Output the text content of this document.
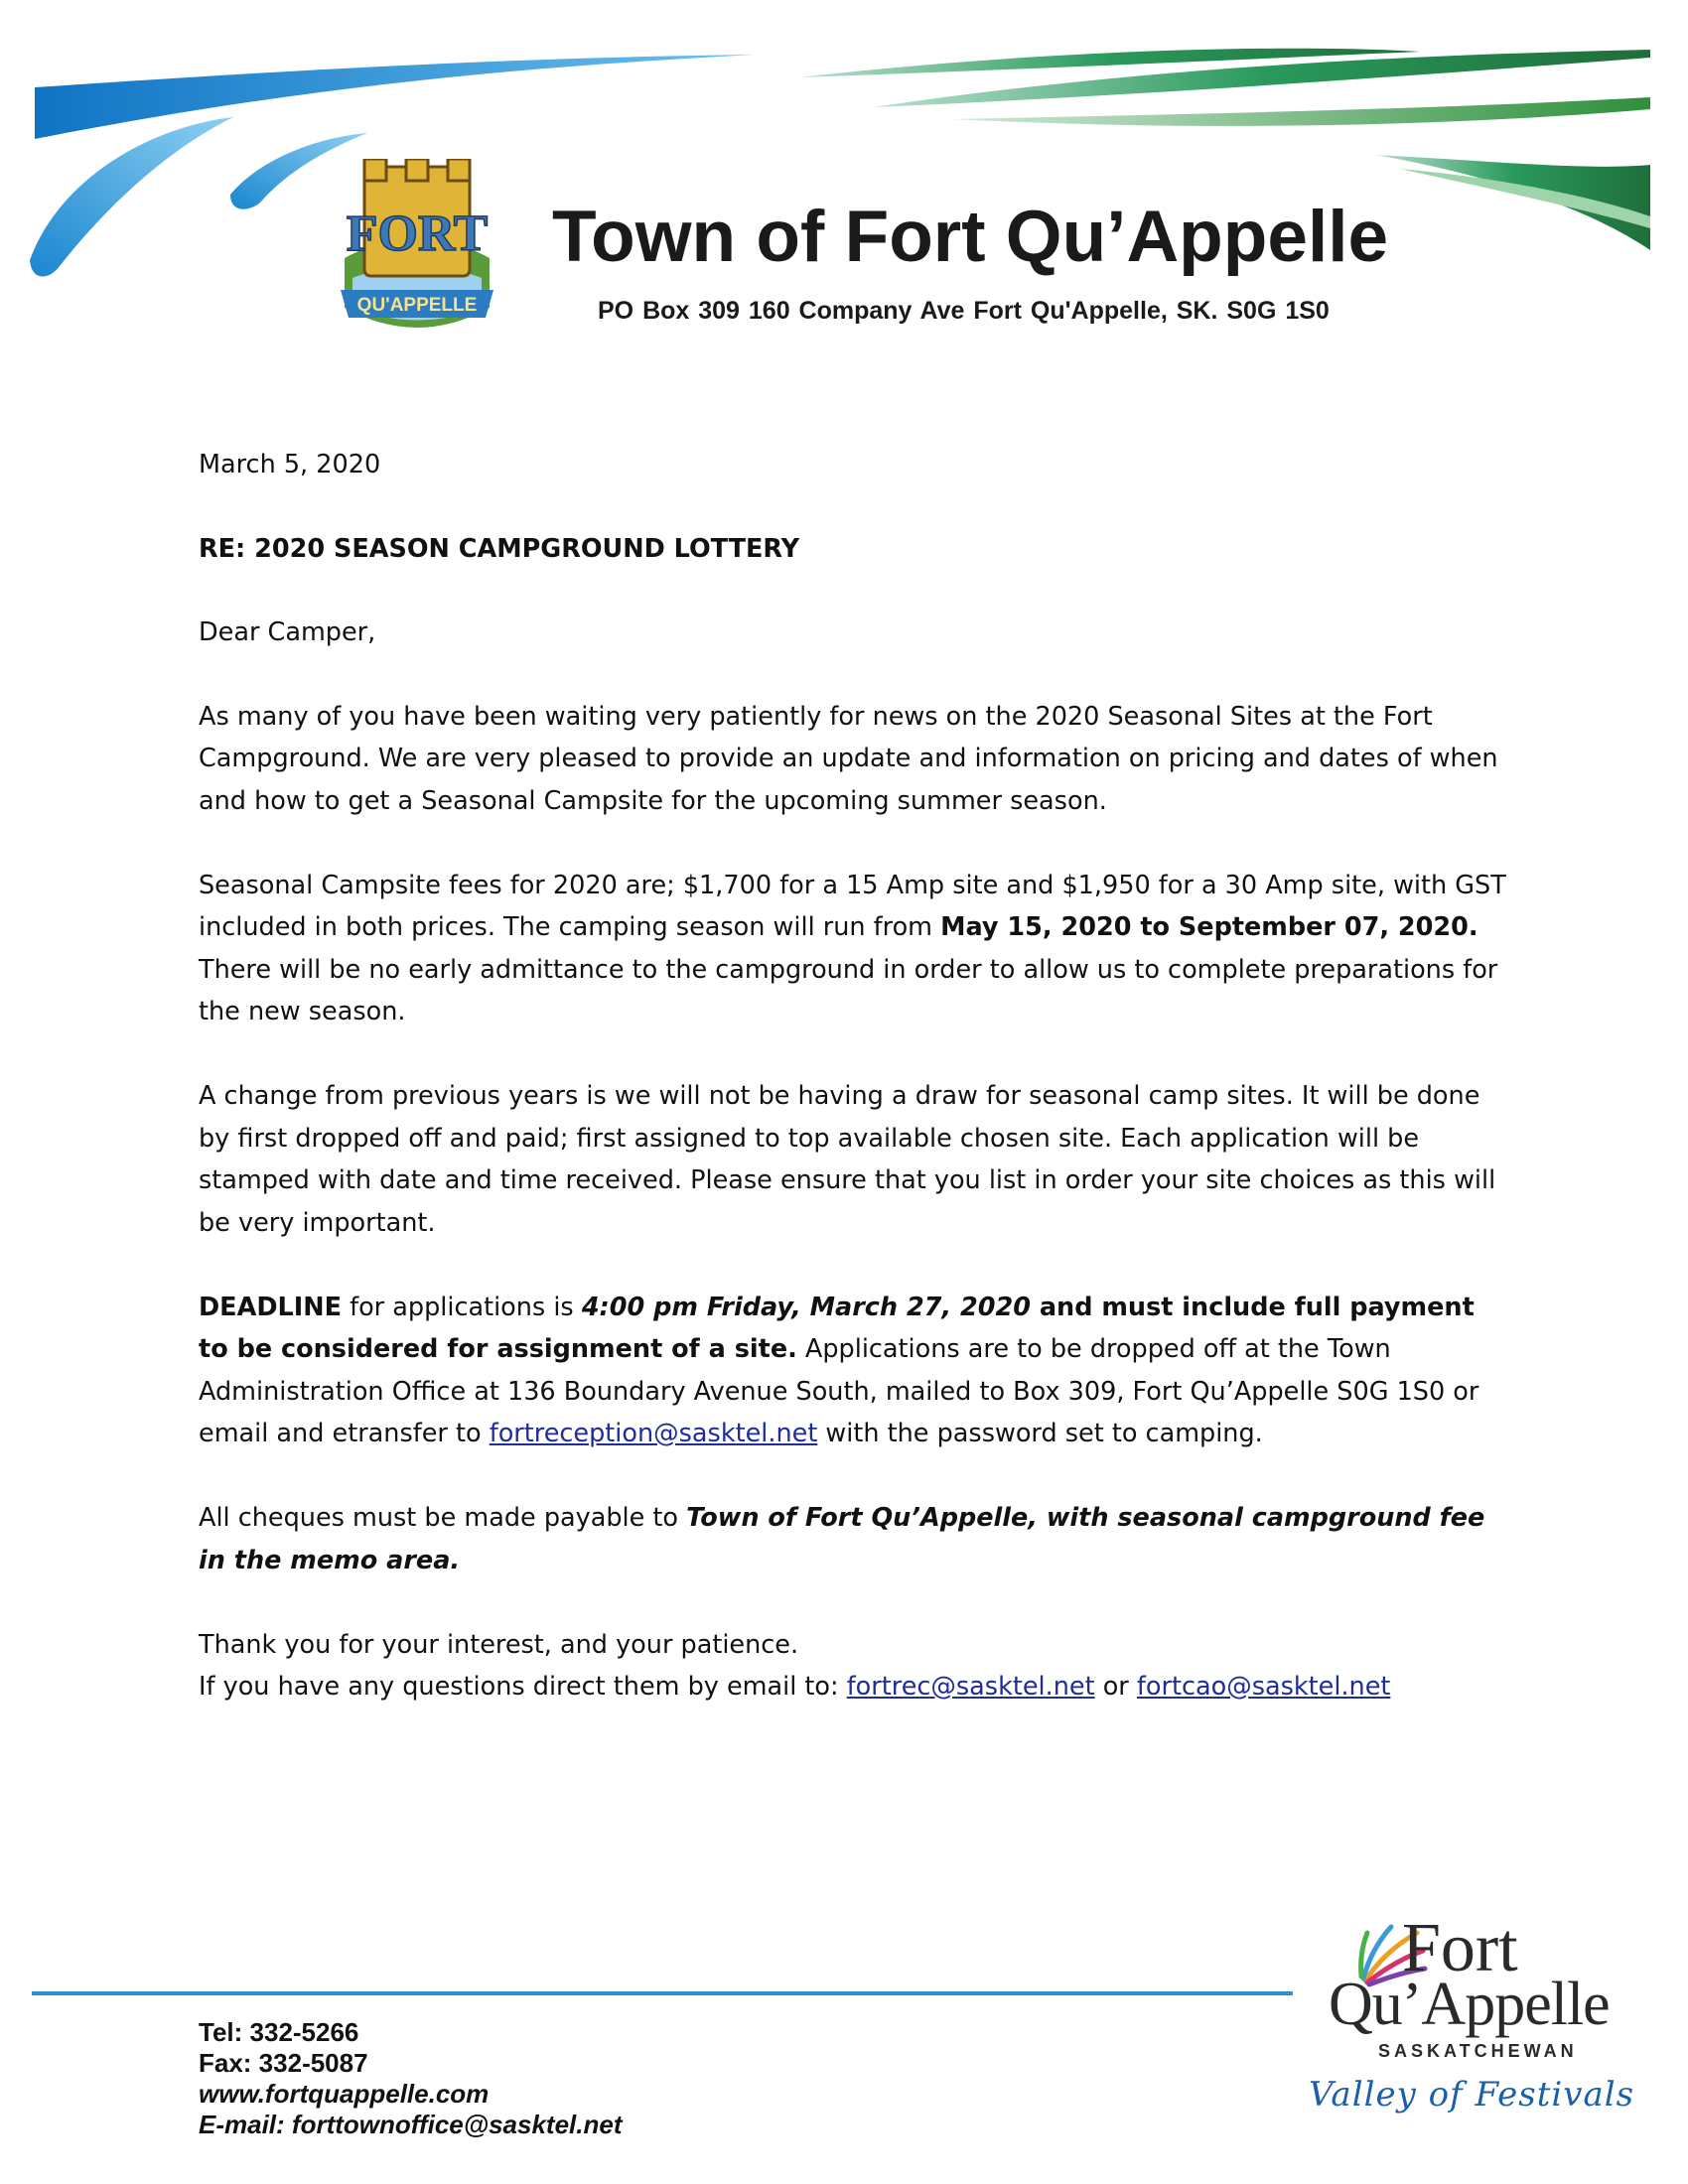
FORT
QU'APPELLE
Town of Fort Qu’Appelle
PO Box 309 160 Company Ave Fort Qu'Appelle, SK. S0G 1S0

March 5, 2020

RE: 2020 SEASON CAMPGROUND LOTTERY

Dear Camper,

As many of you have been waiting very patiently for news on the 2020 Seasonal Sites at the Fort Campground. We are very pleased to provide an update and information on pricing and dates of when and how to get a Seasonal Campsite for the upcoming summer season.

Seasonal Campsite fees for 2020 are; $1,700 for a 15 Amp site and $1,950 for a 30 Amp site, with GST included in both prices. The camping season will run from May 15, 2020 to September 07, 2020. There will be no early admittance to the campground in order to allow us to complete preparations for the new season.

A change from previous years is we will not be having a draw for seasonal camp sites. It will be done by first dropped off and paid; first assigned to top available chosen site. Each application will be stamped with date and time received. Please ensure that you list in order your site choices as this will be very important.

DEADLINE for applications is 4:00 pm Friday, March 27, 2020 and must include full payment to be considered for assignment of a site. Applications are to be dropped off at the Town Administration Office at 136 Boundary Avenue South, mailed to Box 309, Fort Qu’Appelle S0G 1S0 or email and etransfer to fortreception@sasktel.net with the password set to camping.

All cheques must be made payable to Town of Fort Qu’Appelle, with seasonal campground fee in the memo area.

Thank you for your interest, and your patience.

If you have any questions direct them by email to: fortrec@sasktel.net or fortcao@sasktel.net

Tel: 332-5266
Fax: 332-5087
www.fortquappelle.com
E-mail: forttownoffice@sasktel.net
Fort
Qu’Appelle
SASKATCHEWAN
Valley of Festivals
